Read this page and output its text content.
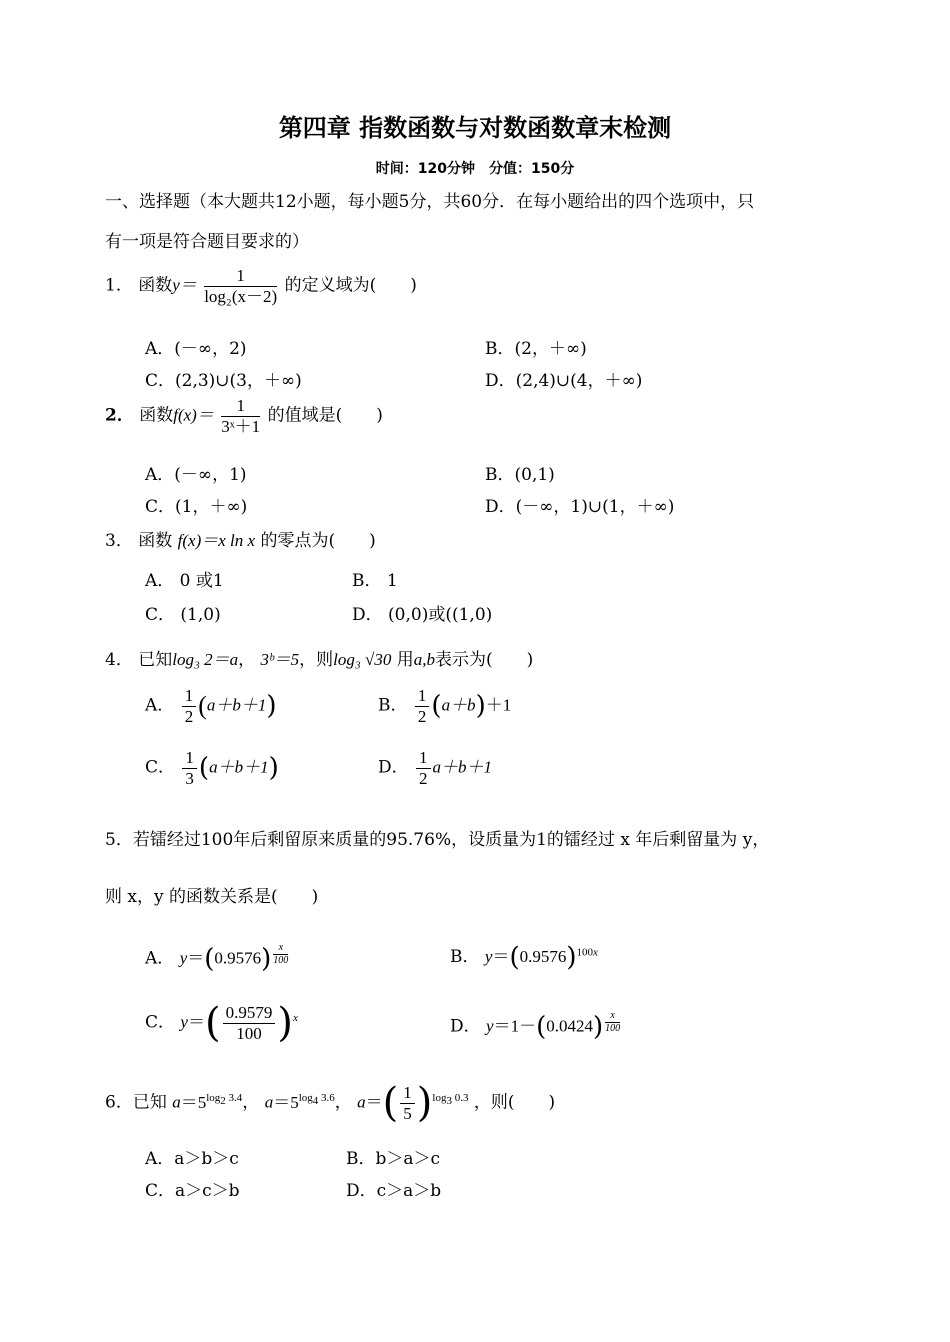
第四章 指数函数与对数函数章末检测
时间：120分钟　分值：150分
一、选择题（本大题共12小题，每小题5分，共60分．在每小题给出的四个选项中，只
有一项是符合题目要求的）
1． 函数$y= \frac{1}{\text{log₂(x－2)}}$ 的定义域为(　　)
A．(－∞，2)	B．(2，＋∞)
C．(2,3)∪(3，＋∞)	D．(2,4)∪(4，＋∞)
2． 函数$f(x)= \frac{1}{\text{3ˣ＋1}}$ 的值域是(　　)
A．(－∞，1)	B．(0,1)
C．(1，＋∞)	D．(－∞，1)∪(1，＋∞)
3． 函数 f(x)＝x ln x 的零点为(　　)
A． 0 或1	B． 1
C． (1,0)	D． (0,0)或((1,0)
4． 已知log₃ 2＝a， 3ᵇ＝5，则log₃ √30 用a,b表示为(　　)
A． $\frac{1}{2} (a+b+1)$	B． $\frac{1}{2} (a+b)+1$
C． $\frac{1}{3} (a+b+1)$	D． $\frac{1}{2} a+b+1$
5．若镭经过100年后剩留原来质量的95.76%，设质量为1的镭经过 x 年后剩留量为 y，
则 x，y 的函数关系是(　　)
A． y＝(0.9576) $^{\frac{x}{100}}$	B． $y=(0.9576)^{100x}$
C． $y=( \frac{0.9579}{100} )^x$	D． y＝1－(0.0424) $^{\frac{x}{100}}$
6．已知 $a=5^{log_2 3.4}$， $a=5^{log_4 3.6}$， $a=( \frac{1}{5} )^{log_3 0.3}$ ，则(　　)
A．a＞b＞c	B．b＞a＞c
C．a＞c＞b	D．c＞a＞b
